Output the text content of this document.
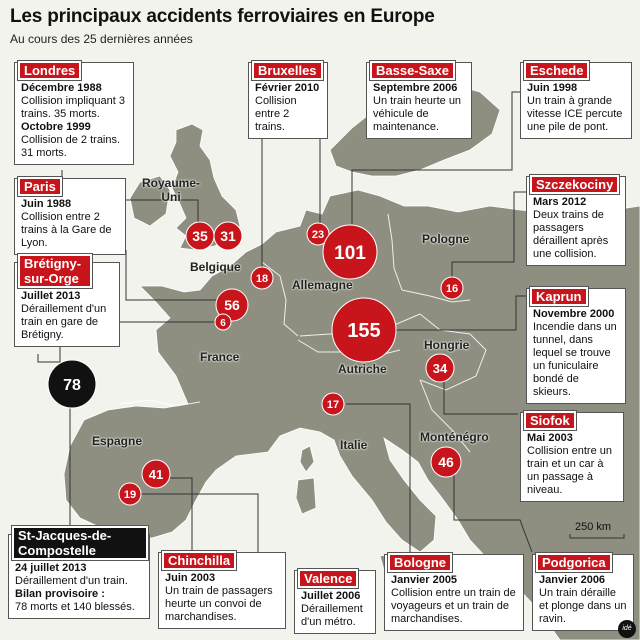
35 31
18
56
6
23
101
16
155
34
17
46
41
19
78
Les principaux accidents ferroviaires en Europe
Au cours des 25 dernières années
Royaume-
Uni
Belgique
France
Allemagne
Pologne
Hongrie
Autriche
Espagne	Italie
Monténégro
Londres
Décembre 1988
Collision impliquant 3 trains. 35 morts.
Octobre 1999
Collision de 2 trains. 31 morts.
Paris
Juin 1988
Collision entre 2 trains à la Gare de Lyon.
Brétigny-sur-Orge
Juillet 2013
Déraillement d'un train en gare de Brétigny.
Bruxelles
Février 2010
Collision entre 2 trains.
Basse-Saxe
Septembre 2006
Un train heurte un véhicule de maintenance.
Eschede
Juin 1998
Un train à grande vitesse ICE percute une pile de pont.
Szczekociny
Mars 2012
Deux trains de passagers déraillent après une collision.
Kaprun
Novembre 2000
Incendie dans un tunnel, dans lequel se trouve un funiculaire bondé de skieurs.
Siofok
Mai 2003
Collision entre un train et un car à un passage à niveau.
St-Jacques-de-Compostelle
24 juillet 2013
Déraillement d'un train.
Bilan provisoire :
78 morts et 140 blessés.
Chinchilla
Juin 2003
Un train de passagers heurte un convoi de marchandises.
Valence
Juillet 2006
Déraillement d'un métro.
Bologne
Janvier 2005
Collision entre un train de voyageurs et un train de marchandises.
Podgorica
Janvier 2006
Un train déraille et plonge dans un ravin.
250 km
idé
